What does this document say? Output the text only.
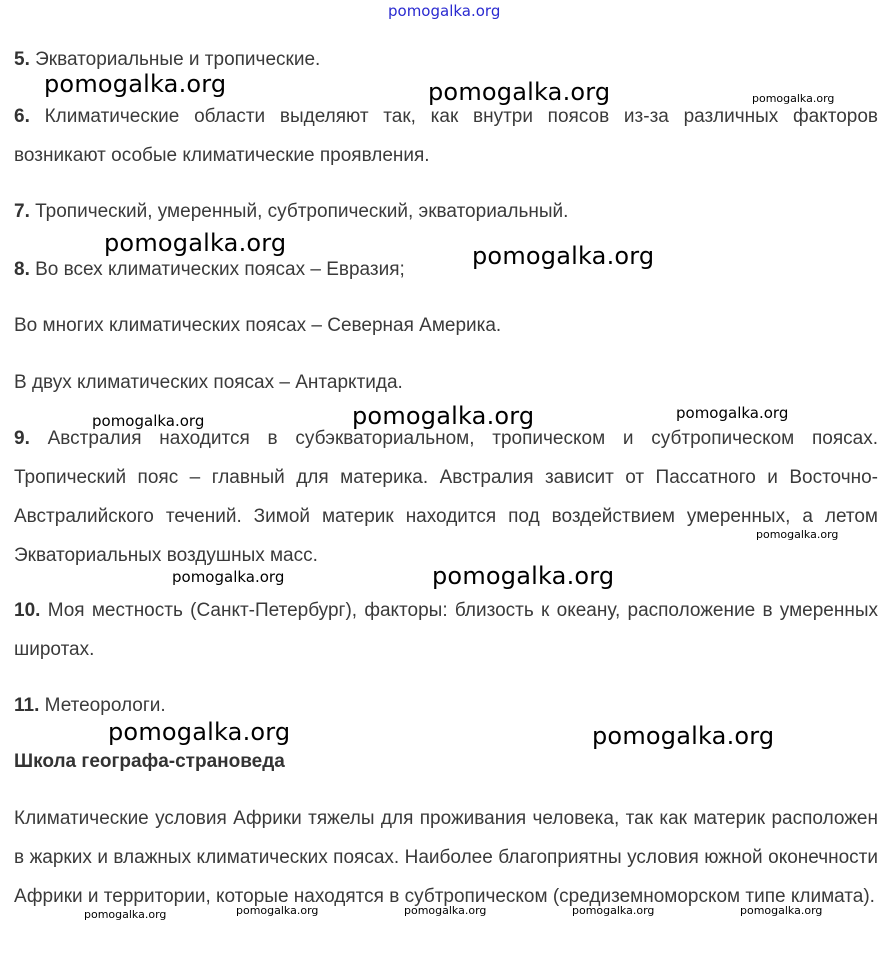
pomogalka.org

5. Экваториальные и тропические.

6. Климатические области выделяют так, как внутри поясов из-за различных факторов возникают особые климатические проявления.

7. Тропический, умеренный, субтропический, экваториальный.

8. Во всех климатических поясах – Евразия;

Во многих климатических поясах – Северная Америка.

В двух климатических поясах – Антарктида.

9. Австралия находится в субэкваториальном, тропическом и субтропическом поясах. Тропический пояс – главный для материка. Австралия зависит от Пассатного и Восточно-Австралийского течений. Зимой материк находится под воздействием умеренных, а летом Экваториальных воздушных масс.

10. Моя местность (Санкт-Петербург), факторы: близость к океану, расположение в умеренных широтах.

11. Метеорологи.

Школа географа-страноведа

Климатические условия Африки тяжелы для проживания человека, так как материк расположен в жарких и влажных климатических поясах. Наиболее благоприятны условия южной оконечности Африки и территории, которые находятся в субтропическом (средиземноморском типе климата).

pomogalka.org	pomogalka.org	pomogalka.org
pomogalka.org	pomogalka.org
pomogalka.org	pomogalka.org	pomogalka.org
pomogalka.org
pomogalka.org	pomogalka.org
pomogalka.org	pomogalka.org
pomogalka.org	pomogalka.org	pomogalka.org	pomogalka.org	pomogalka.org
